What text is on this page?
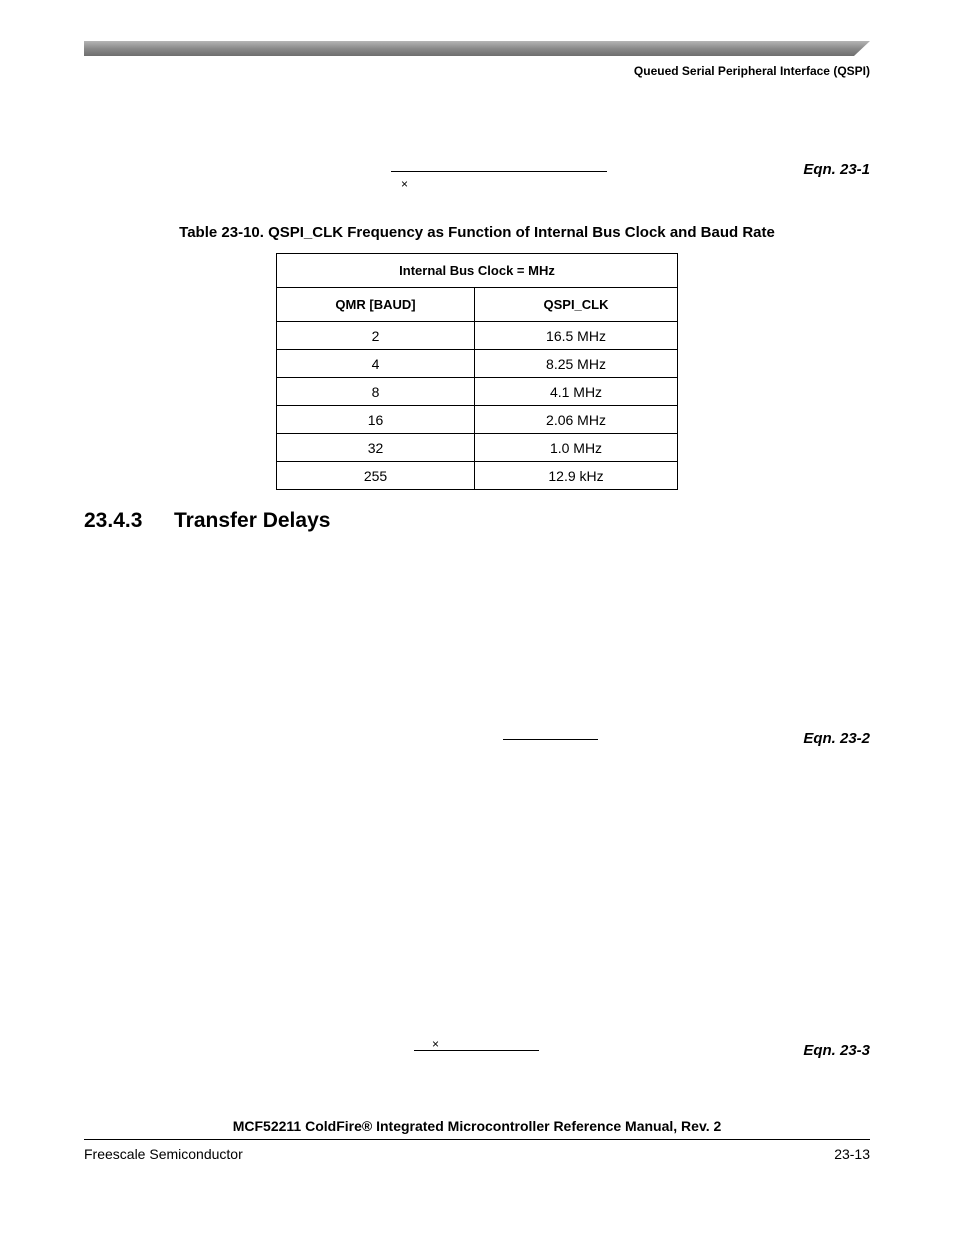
Queued Serial Peripheral Interface (QSPI)
×
Eqn. 23-1
Table 23-10. QSPI_CLK Frequency as Function of Internal Bus Clock and Baud Rate
Internal Bus Clock = MHz	
QMR [BAUD]	QSPI_CLK
2	16.5 MHz
4	8.25 MHz
8	4.1 MHz
16	2.06 MHz
32	1.0 MHz
255	12.9 kHz
23.4.3 Transfer Delays
Eqn. 23-2
×	Eqn. 23-3
MCF52211 ColdFire® Integrated Microcontroller Reference Manual, Rev. 2
Freescale Semiconductor	23-13
